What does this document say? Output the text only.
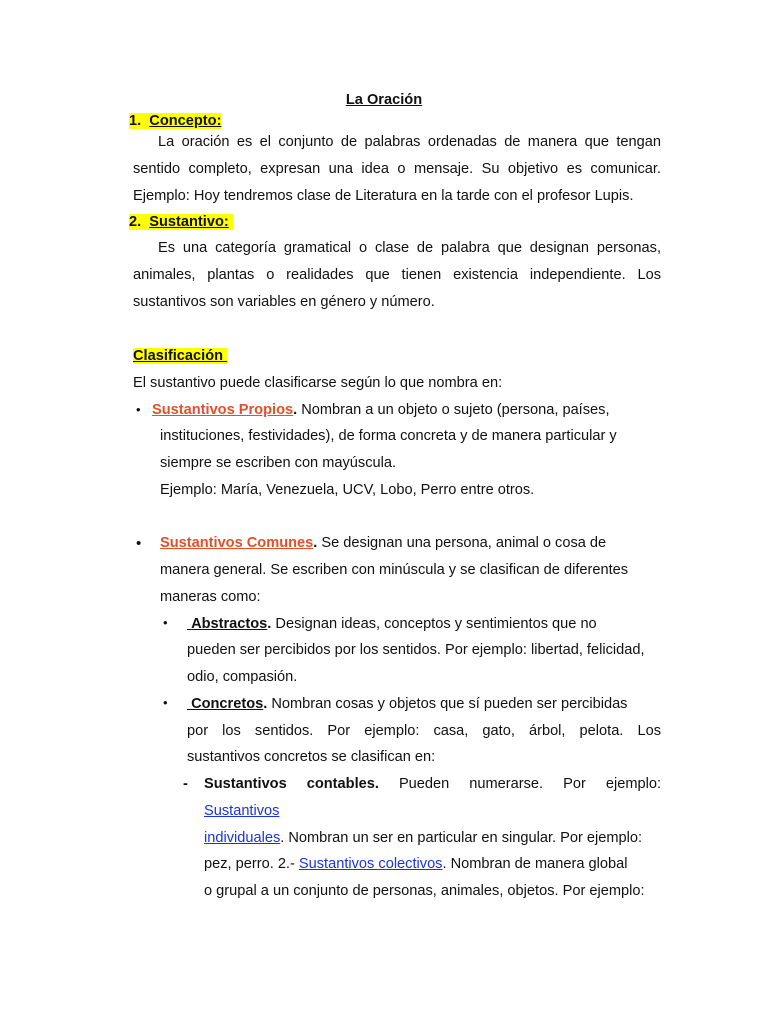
La Oración
1. Concepto:
La oración es el conjunto de palabras ordenadas de manera que tengan
sentido completo, expresan una idea o mensaje. Su objetivo es comunicar.
Ejemplo: Hoy tendremos clase de Literatura en la tarde con el profesor Lupis.
2. Sustantivo:
Es una categoría gramatical o clase de palabra que designan personas,
animales, plantas o realidades que tienen existencia independiente. Los
sustantivos son variables en género y número.
Clasificación
El sustantivo puede clasificarse según lo que nombra en:
• Sustantivos Propios. Nombran a un objeto o sujeto (persona, países,
instituciones, festividades), de forma concreta y de manera particular y
siempre se escriben con mayúscula.
Ejemplo: María, Venezuela, UCV, Lobo, Perro entre otros.
• Sustantivos Comunes. Se designan una persona, animal o cosa de
manera general. Se escriben con minúscula y se clasifican de diferentes
maneras como:
• Abstractos. Designan ideas, conceptos y sentimientos que no
pueden ser percibidos por los sentidos. Por ejemplo: libertad, felicidad,
odio, compasión.
• Concretos. Nombran cosas y objetos que sí pueden ser percibidas
por los sentidos. Por ejemplo: casa, gato, árbol, pelota. Los
sustantivos concretos se clasifican en:
- Sustantivos contables. Pueden numerarse. Por ejemplo:
Sustantivos
individuales. Nombran un ser en particular en singular. Por ejemplo:
pez, perro. 2.- Sustantivos colectivos. Nombran de manera global
o grupal a un conjunto de personas, animales, objetos. Por ejemplo:
